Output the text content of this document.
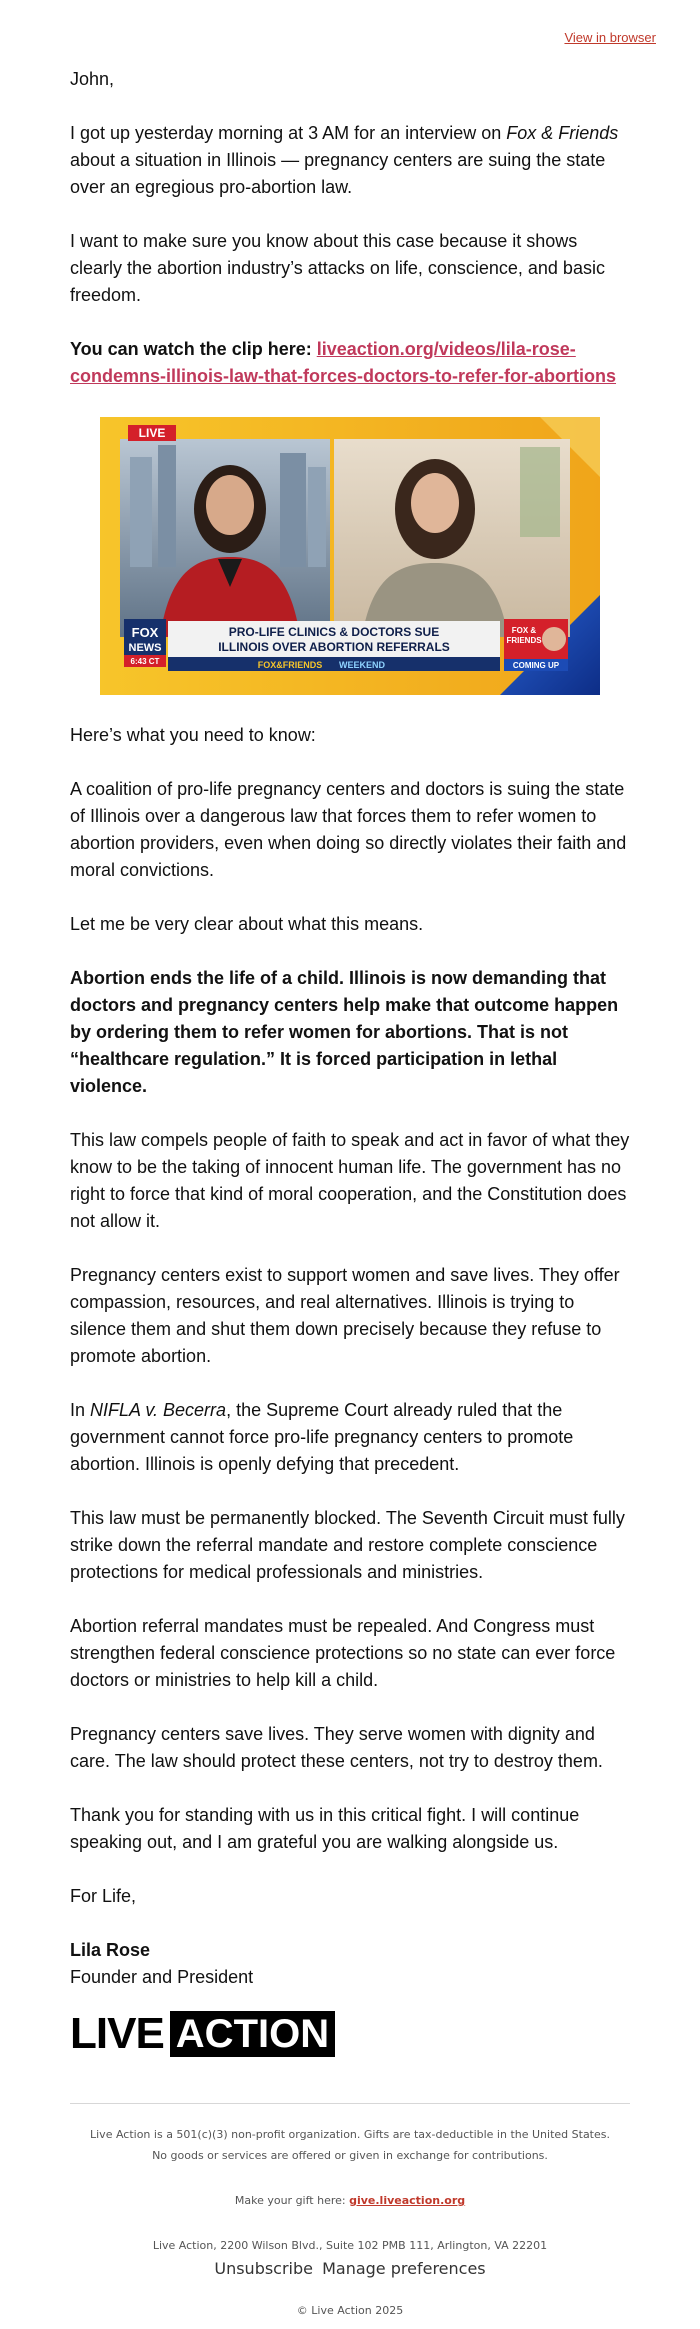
View in browser

John,

I got up yesterday morning at 3 AM for an interview on Fox & Friends about a situation in Illinois — pregnancy centers are suing the state over an egregious pro-abortion law.

I want to make sure you know about this case because it shows clearly the abortion industry’s attacks on life, conscience, and basic freedom.

You can watch the clip here: liveaction.org/videos/lila-rose-condemns-illinois-law-that-forces-doctors-to-refer-for-abortions

LIVE
FOX
NEWS
6:43 CT
PRO-LIFE CLINICS & DOCTORS SUE
ILLINOIS OVER ABORTION REFERRALS
FOX&FRIENDS WEEKEND
FOX &
FRIENDS
COMING UP

Here’s what you need to know:

A coalition of pro-life pregnancy centers and doctors is suing the state of Illinois over a dangerous law that forces them to refer women to abortion providers, even when doing so directly violates their faith and moral convictions.

Let me be very clear about what this means.

Abortion ends the life of a child. Illinois is now demanding that doctors and pregnancy centers help make that outcome happen by ordering them to refer women for abortions. That is not “healthcare regulation.” It is forced participation in lethal violence.

This law compels people of faith to speak and act in favor of what they know to be the taking of innocent human life. The government has no right to force that kind of moral cooperation, and the Constitution does not allow it.

Pregnancy centers exist to support women and save lives. They offer compassion, resources, and real alternatives. Illinois is trying to silence them and shut them down precisely because they refuse to promote abortion.

In NIFLA v. Becerra, the Supreme Court already ruled that the government cannot force pro-life pregnancy centers to promote abortion. Illinois is openly defying that precedent.

This law must be permanently blocked. The Seventh Circuit must fully strike down the referral mandate and restore complete conscience protections for medical professionals and ministries.

Abortion referral mandates must be repealed. And Congress must strengthen federal conscience protections so no state can ever force doctors or ministries to help kill a child.

Pregnancy centers save lives. They serve women with dignity and care. The law should protect these centers, not try to destroy them.

Thank you for standing with us in this critical fight. I will continue speaking out, and I am grateful you are walking alongside us.

For Life,

Lila Rose

Founder and President

LIVE ACTION
Live Action is a 501(c)(3) non-profit organization. Gifts are tax-deductible in the United States.
No goods or services are offered or given in exchange for contributions.
Make your gift here: give.liveaction.org
Live Action, 2200 Wilson Blvd., Suite 102 PMB 111, Arlington, VA 22201
Unsubscribe Manage preferences
© Live Action 2025
